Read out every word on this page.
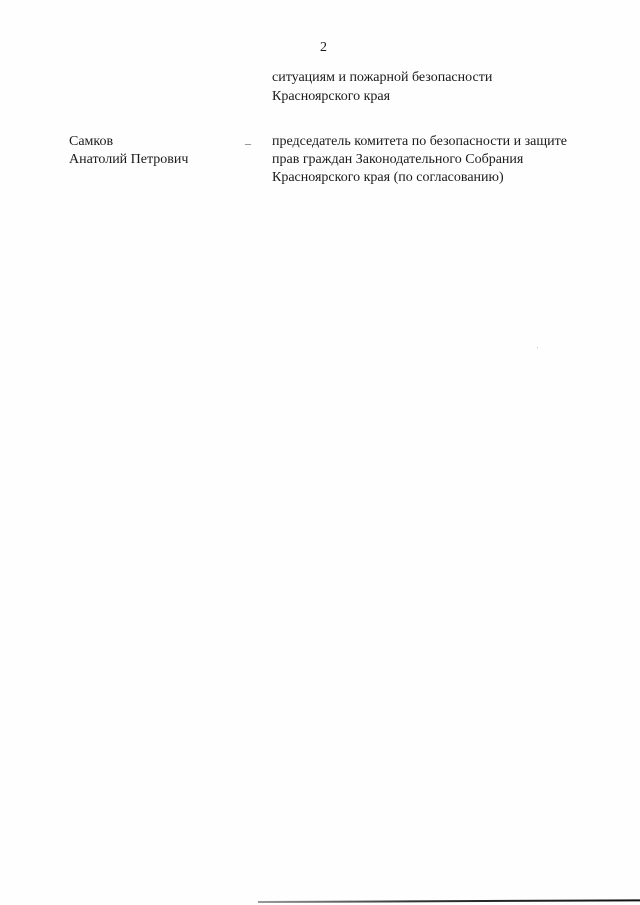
2
ситуациям и пожарной безопасности
Красноярского края
Самков
Анатолий Петрович
– председатель комитета по безопасности и защите
прав граждан Законодательного Собрания
Красноярского края (по согласованию)
